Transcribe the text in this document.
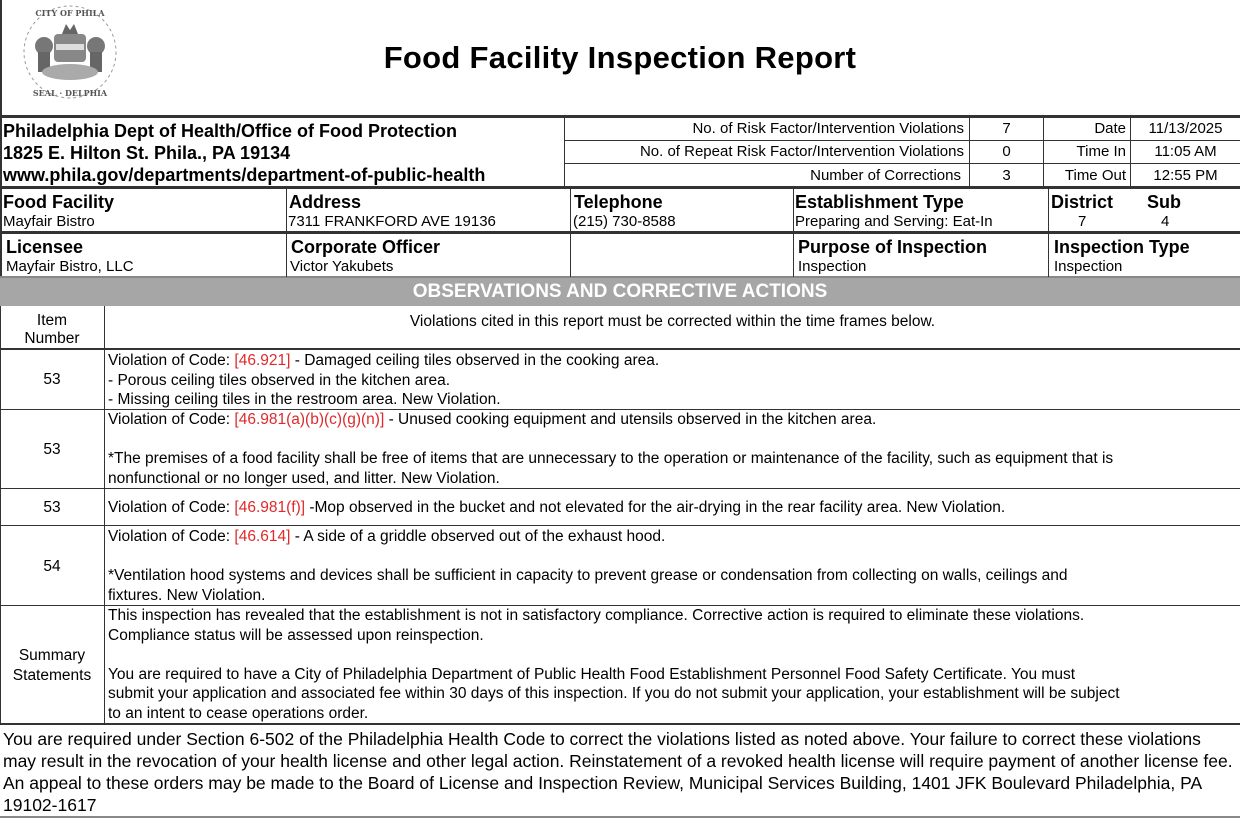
CITY OF PHILA
SEAL · DELPHIA
Food Facility Inspection Report
Philadelphia Dept of Health/Office of Food Protection
1825 E. Hilton St. Phila., PA 19134
www.phila.gov/departments/department-of-public-health
No. of Risk Factor/Intervention Violations	7
No. of Repeat Risk Factor/Intervention Violations	0
Number of Corrections	3
Date	11/13/2025
Time In	11:05 AM
Time Out	12:55 PM
Food Facility
Mayfair Bistro
Address
7311 FRANKFORD AVE 19136
Telephone
(215) 730-8588
Establishment Type
Preparing and Serving: Eat-In
District
7
Sub
4
Licensee
Mayfair Bistro, LLC
Corporate Officer
Victor Yakubets
Purpose of Inspection
Inspection
Inspection Type
Inspection
OBSERVATIONS AND CORRECTIVE ACTIONS
Item
Number
Violations cited in this report must be corrected within the time frames below.
53
Violation of Code: [46.921] - Damaged ceiling tiles observed in the cooking area.
- Porous ceiling tiles observed in the kitchen area.
- Missing ceiling tiles in the restroom area. New Violation.
53
Violation of Code: [46.981(a)(b)(c)(g)(n)] - Unused cooking equipment and utensils observed in the kitchen area.
*The premises of a food facility shall be free of items that are unnecessary to the operation or maintenance of the facility, such as equipment that is
nonfunctional or no longer used, and litter. New Violation.
53	Violation of Code: [46.981(f)] -Mop observed in the bucket and not elevated for the air-drying in the rear facility area. New Violation.
54
Violation of Code: [46.614] - A side of a griddle observed out of the exhaust hood.
*Ventilation hood systems and devices shall be sufficient in capacity to prevent grease or condensation from collecting on walls, ceilings and
fixtures. New Violation.
Summary
Statements
This inspection has revealed that the establishment is not in satisfactory compliance. Corrective action is required to eliminate these violations.
Compliance status will be assessed upon reinspection.
You are required to have a City of Philadelphia Department of Public Health Food Establishment Personnel Food Safety Certificate. You must
submit your application and associated fee within 30 days of this inspection. If you do not submit your application, your establishment will be subject
to an intent to cease operations order.
You are required under Section 6-502 of the Philadelphia Health Code to correct the violations listed as noted above. Your failure to correct these violations may result in the revocation of your health license and other legal action. Reinstatement of a revoked health license will require payment of another license fee. An appeal to these orders may be made to the Board of License and Inspection Review, Municipal Services Building, 1401 JFK Boulevard Philadelphia, PA 19102-1617
